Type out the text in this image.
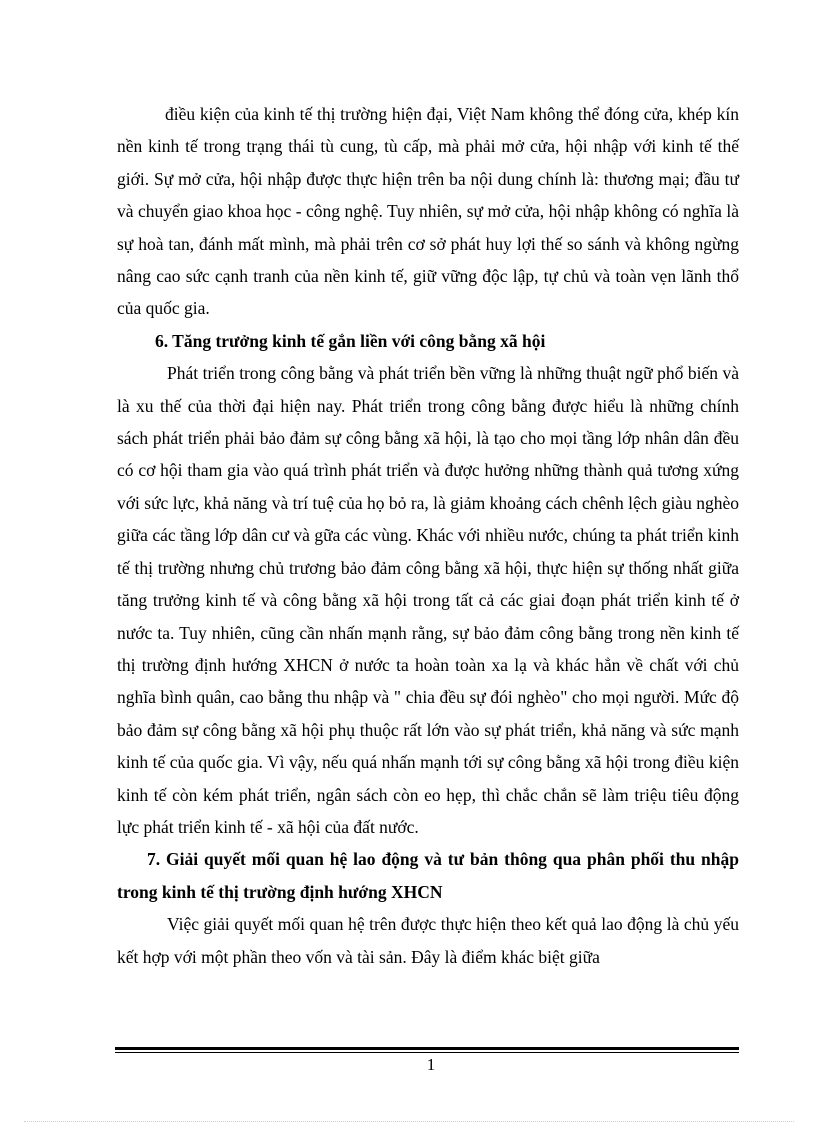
điều kiện của kinh tế thị trường hiện đại, Việt Nam không thể đóng cửa, khép kín nền kinh tế trong trạng thái tù cung, tù cấp, mà phải mở cửa, hội nhập với kinh tế thế giới. Sự mở cửa, hội nhập được thực hiện trên ba nội dung chính là: thương mại; đầu tư và chuyển giao khoa học - công nghệ. Tuy nhiên, sự mở cửa, hội nhập không có nghĩa là sự hoà tan, đánh mất mình, mà phải trên cơ sở phát huy lợi thế so sánh và không ngừng nâng cao sức cạnh tranh của nền kinh tế, giữ vững độc lập, tự chủ và toàn vẹn lãnh thổ của quốc gia.

6. Tăng trưởng kinh tế gắn liền với công bằng xã hội

Phát triển trong công bằng và phát triển bền vững là những thuật ngữ phổ biến và là xu thế của thời đại hiện nay. Phát triển trong công bằng được hiểu là những chính sách phát triển phải bảo đảm sự công bằng xã hội, là tạo cho mọi tầng lớp nhân dân đều có cơ hội tham gia vào quá trình phát triển và được hưởng những thành quả tương xứng với sức lực, khả năng và trí tuệ của họ bỏ ra, là giảm khoảng cách chênh lệch giàu nghèo giữa các tầng lớp dân cư và gữa các vùng. Khác với nhiều nước, chúng ta phát triển kinh tế thị trường nhưng chủ trương bảo đảm công bằng xã hội, thực hiện sự thống nhất giữa tăng trưởng kinh tế và công bằng xã hội trong tất cả các giai đoạn phát triển kinh tế ở nước ta. Tuy nhiên, cũng cần nhấn mạnh rằng, sự bảo đảm công bằng trong nền kinh tế thị trường định hướng XHCN ở nước ta hoàn toàn xa lạ và khác hẳn về chất với chủ nghĩa bình quân, cao bằng thu nhập và " chia đều sự đói nghèo" cho mọi người. Mức độ bảo đảm sự công bằng xã hội phụ thuộc rất lớn vào sự phát triển, khả năng và sức mạnh kinh tế của quốc gia. Vì vậy, nếu quá nhấn mạnh tới sự công bằng xã hội trong điều kiện kinh tế còn kém phát triển, ngân sách còn eo hẹp, thì chắc chắn sẽ làm triệu tiêu động lực phát triển kinh tế - xã hội của đất nước.

7. Giải quyết mối quan hệ lao động và tư bản thông qua phân phối thu nhập trong kinh tế thị trường định hướng XHCN

Việc giải quyết mối quan hệ trên được thực hiện theo kết quả lao động là chủ yếu kết hợp với một phần theo vốn và tài sản. Đây là điểm khác biệt giữa

1
